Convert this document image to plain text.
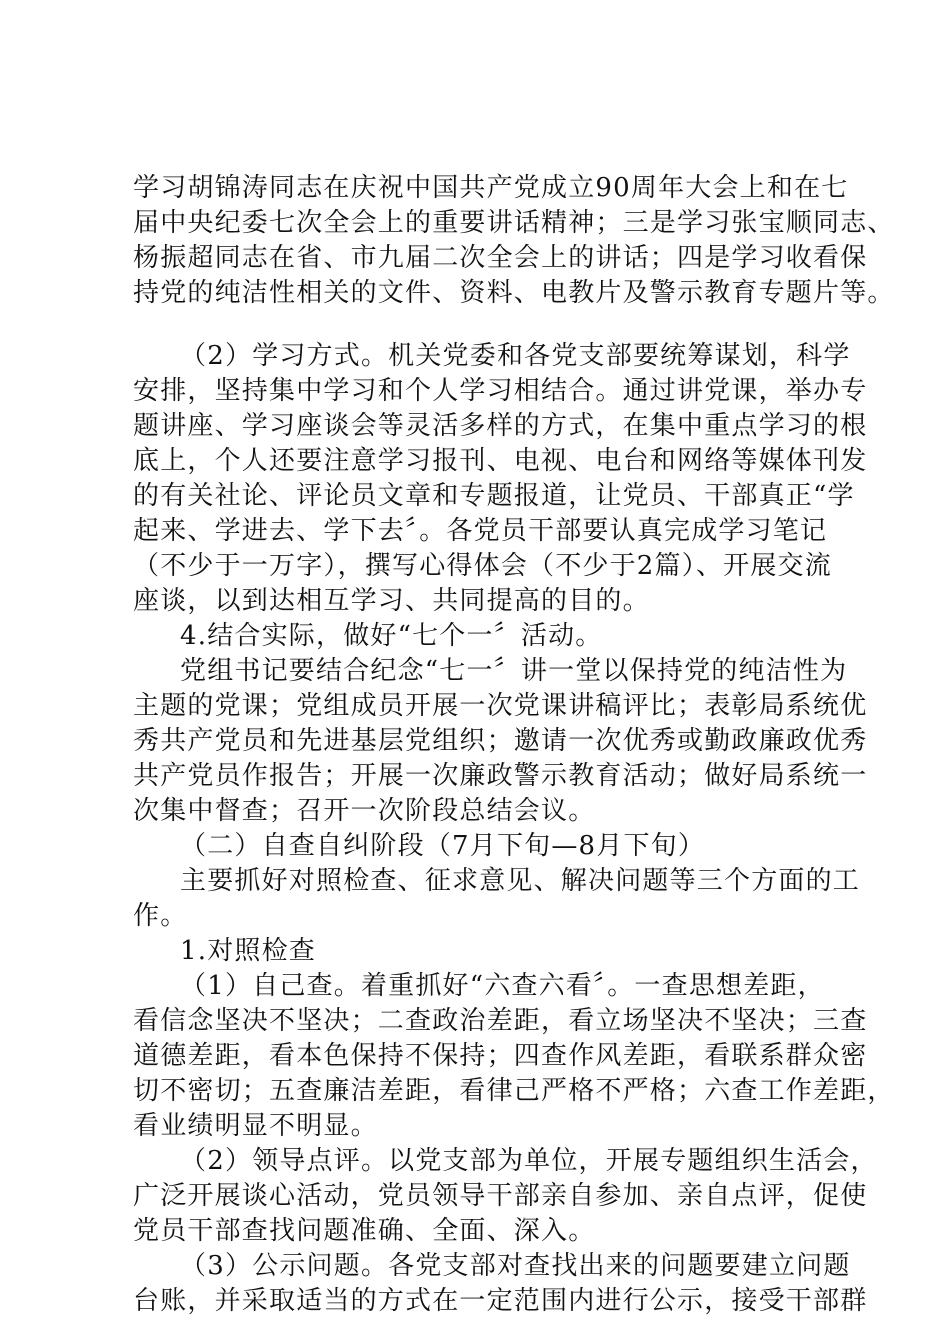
学习胡锦涛同志在庆祝中国共产党成立90周年大会上和在七
届中央纪委七次全会上的重要讲话精神；三是学习张宝顺同志、
杨振超同志在省、市九届二次全会上的讲话；四是学习收看保
持党的纯洁性相关的文件、资料、电教片及警示教育专题片等。
（2）学习方式。机关党委和各党支部要统筹谋划，科学
安排，坚持集中学习和个人学习相结合。通过讲党课，举办专
题讲座、学习座谈会等灵活多样的方式，在集中重点学习的根
底上，个人还要注意学习报刊、电视、电台和网络等媒体刊发
的有关社论、评论员文章和专题报道，让党员、干部真正“学
起来、学进去、学下去〞。各党员干部要认真完成学习笔记
（不少于一万字），撰写心得体会（不少于2篇）、开展交流
座谈，以到达相互学习、共同提高的目的。
4.结合实际，做好“七个一〞活动。
党组书记要结合纪念“七一〞讲一堂以保持党的纯洁性为
主题的党课；党组成员开展一次党课讲稿评比；表彰局系统优
秀共产党员和先进基层党组织；邀请一次优秀或勤政廉政优秀
共产党员作报告；开展一次廉政警示教育活动；做好局系统一
次集中督查；召开一次阶段总结会议。
（二）自查自纠阶段（7月下旬—8月下旬）
主要抓好对照检查、征求意见、解决问题等三个方面的工
作。
1.对照检查
（1）自己查。着重抓好“六查六看〞。一查思想差距，
看信念坚决不坚决；二查政治差距，看立场坚决不坚决；三查
道德差距，看本色保持不保持；四查作风差距，看联系群众密
切不密切；五查廉洁差距，看律己严格不严格；六查工作差距，
看业绩明显不明显。
（2）领导点评。以党支部为单位，开展专题组织生活会，
广泛开展谈心活动，党员领导干部亲自参加、亲自点评，促使
党员干部查找问题准确、全面、深入。
（3）公示问题。各党支部对查找出来的问题要建立问题
台账，并采取适当的方式在一定范围内进行公示，接受干部群
